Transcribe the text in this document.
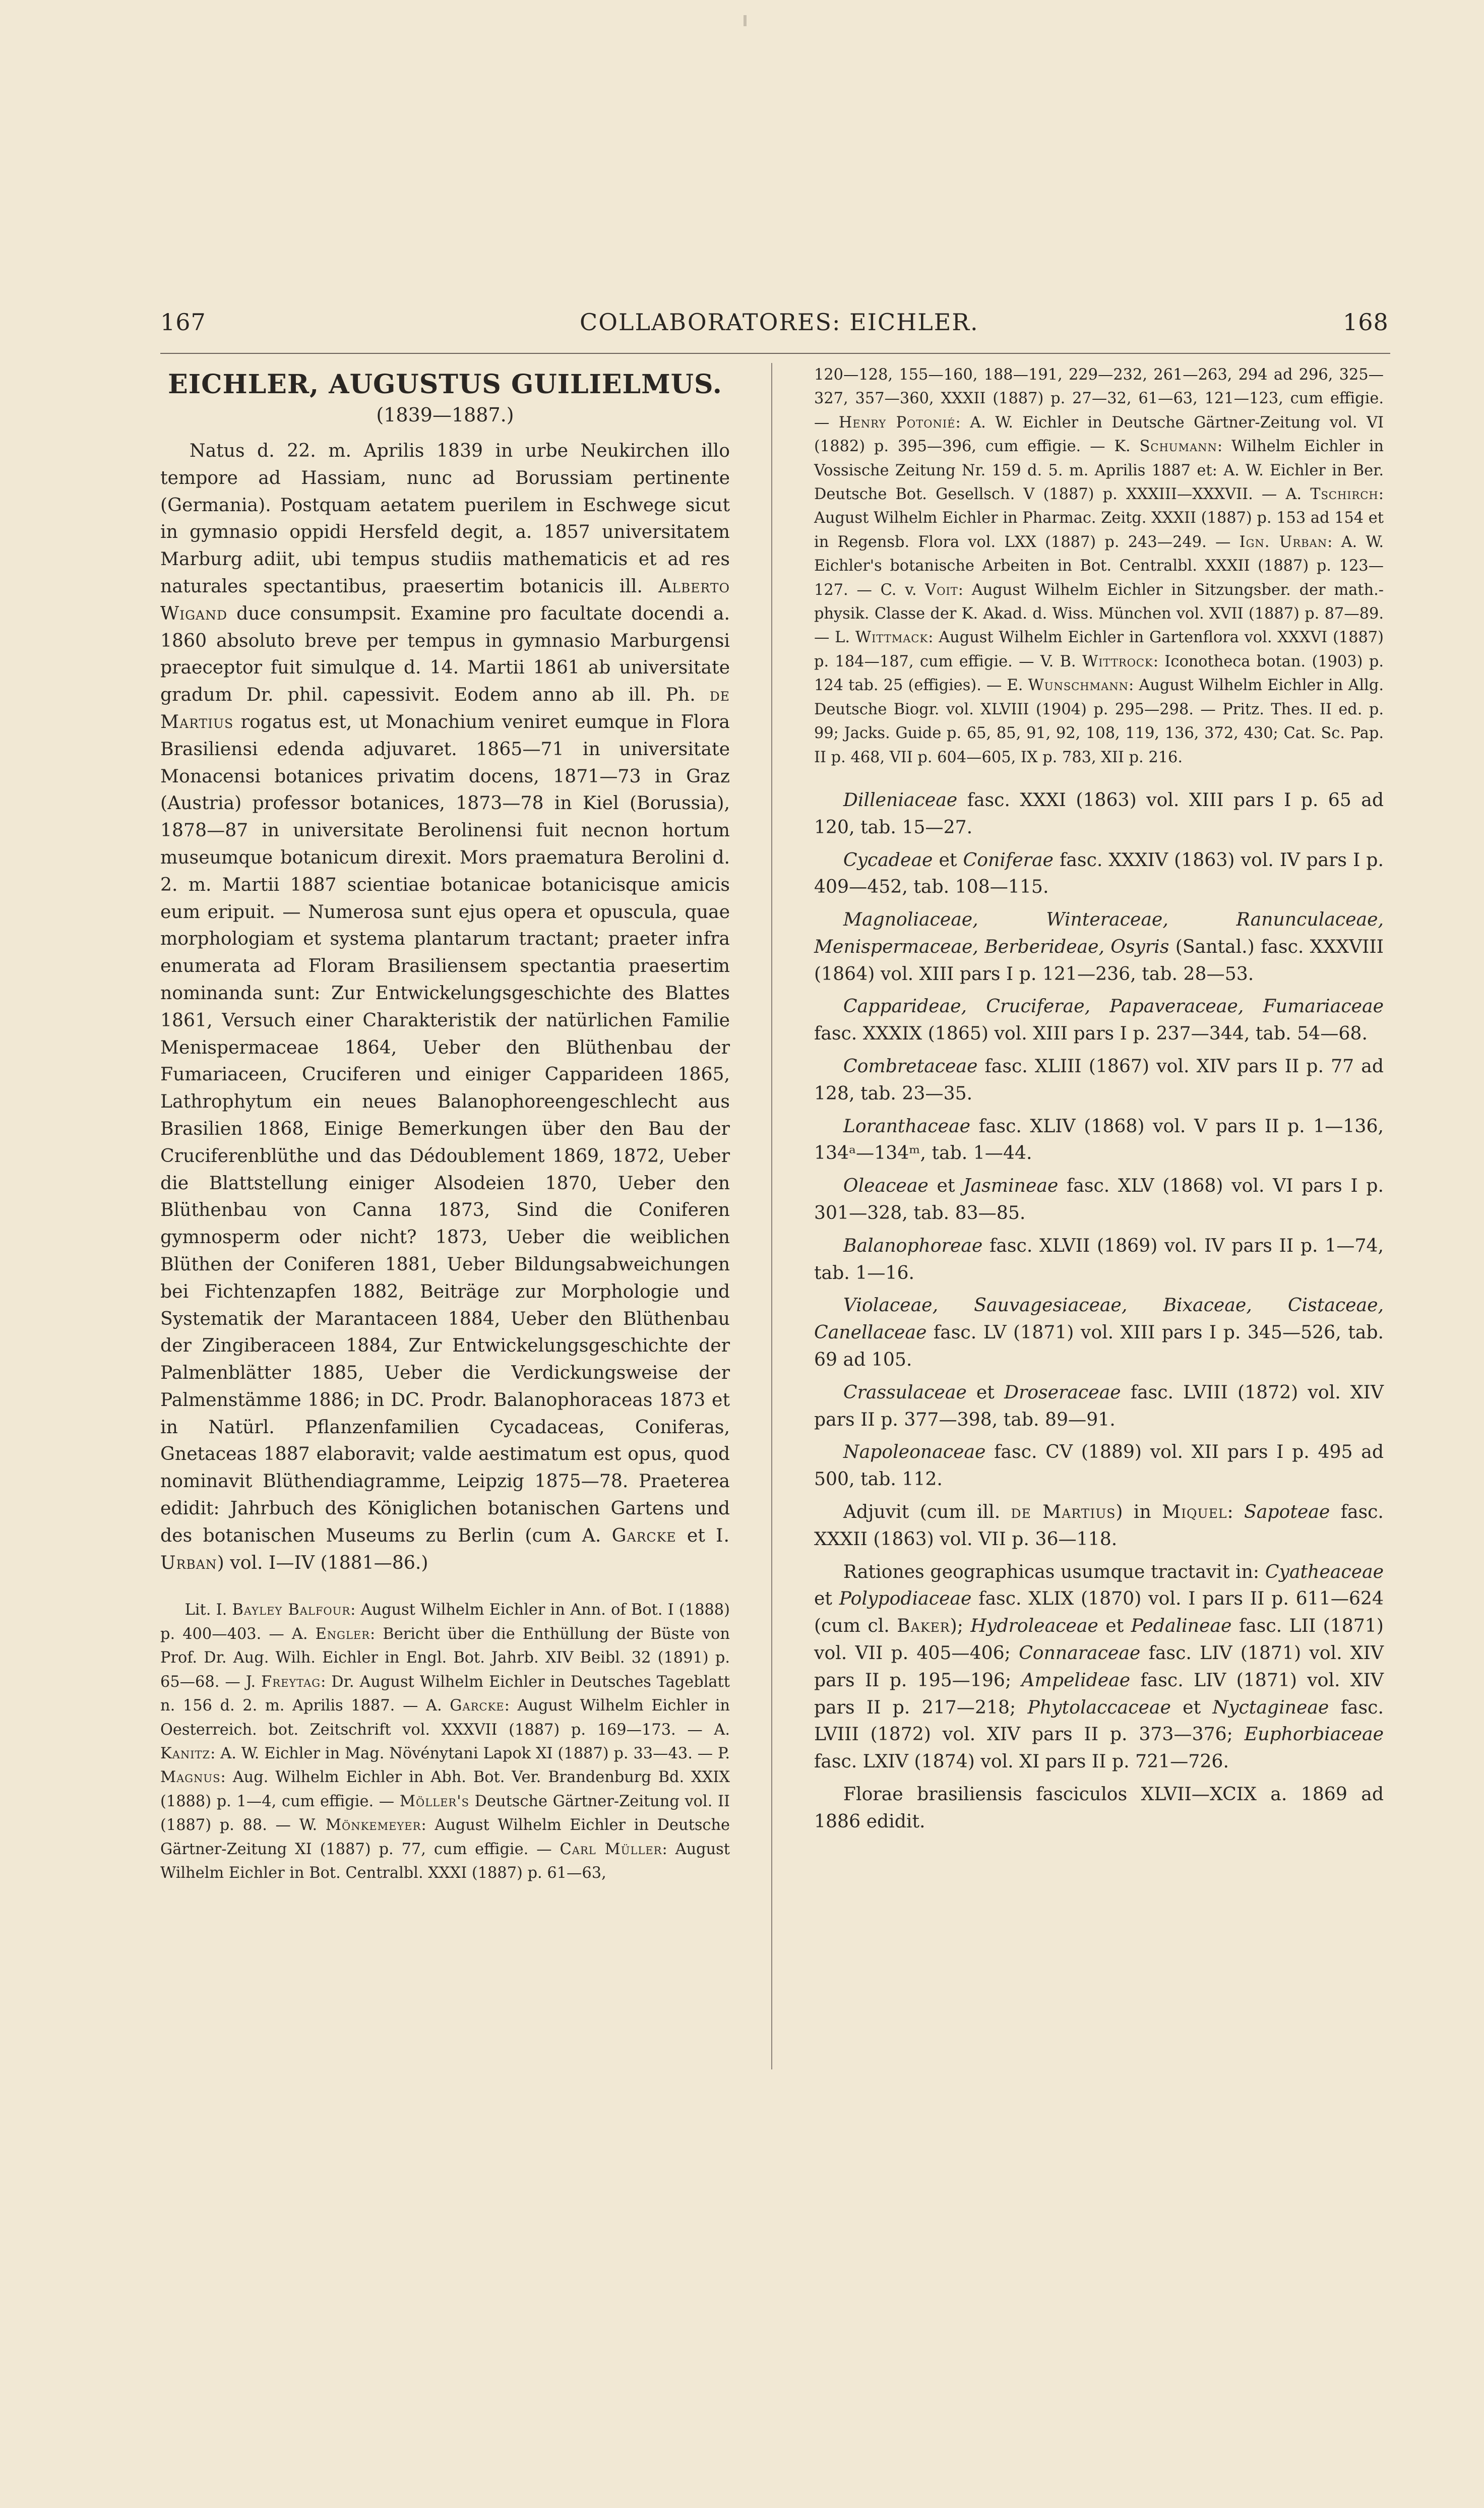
167	COLLABORATORES: EICHLER.	168
EICHLER, AUGUSTUS GUILIELMUS.
(1839—1887.)

Natus d. 22. m. Aprilis 1839 in urbe Neukirchen illo tempore ad Hassiam, nunc ad Borussiam pertinente (Germania). Postquam aetatem puerilem in Eschwege sicut in gymnasio oppidi Hersfeld degit, a. 1857 universitatem Marburg adiit, ubi tempus studiis mathematicis et ad res naturales spectantibus, praesertim botanicis ill. Alberto Wigand duce consumpsit. Examine pro facultate docendi a. 1860 absoluto breve per tempus in gymnasio Marburgensi praeceptor fuit simulque d. 14. Martii 1861 ab universitate gradum Dr. phil. capessivit. Eodem anno ab ill. Ph. de Martius rogatus est, ut Monachium veniret eumque in Flora Brasiliensi edenda adjuvaret. 1865—71 in universitate Monacensi botanices privatim docens, 1871—73 in Graz (Austria) professor botanices, 1873—78 in Kiel (Borussia), 1878—87 in universitate Berolinensi fuit necnon hortum museumque botanicum direxit. Mors praematura Berolini d. 2. m. Martii 1887 scientiae botanicae botanicisque amicis eum eripuit. — Numerosa sunt ejus opera et opuscula, quae morphologiam et systema plantarum tractant; praeter infra enumerata ad Floram Brasiliensem spectantia praesertim nominanda sunt: Zur Entwickelungsgeschichte des Blattes 1861, Versuch einer Charakteristik der natürlichen Familie Menispermaceae 1864, Ueber den Blüthenbau der Fumariaceen, Cruciferen und einiger Capparideen 1865, Lathrophytum ein neues Balanophoreengeschlecht aus Brasilien 1868, Einige Bemerkungen über den Bau der Cruciferenblüthe und das Dédoublement 1869, 1872, Ueber die Blattstellung einiger Alsodeien 1870, Ueber den Blüthenbau von Canna 1873, Sind die Coniferen gymnosperm oder nicht? 1873, Ueber die weiblichen Blüthen der Coniferen 1881, Ueber Bildungsabweichungen bei Fichtenzapfen 1882, Beiträge zur Morphologie und Systematik der Marantaceen 1884, Ueber den Blüthenbau der Zingiberaceen 1884, Zur Entwickelungsgeschichte der Palmenblätter 1885, Ueber die Verdickungsweise der Palmenstämme 1886; in DC. Prodr. Balanophoraceas 1873 et in Natürl. Pflanzenfamilien Cycadaceas, Coniferas, Gnetaceas 1887 elaboravit; valde aestimatum est opus, quod nominavit Blüthendiagramme, Leipzig 1875—78. Praeterea edidit: Jahrbuch des Königlichen botanischen Gartens und des botanischen Museums zu Berlin (cum A. Garcke et I. Urban) vol. I—IV (1881—86.)

Lit. I. Bayley Balfour: August Wilhelm Eichler in Ann. of Bot. I (1888) p. 400—403. — A. Engler: Bericht über die Enthüllung der Büste von Prof. Dr. Aug. Wilh. Eichler in Engl. Bot. Jahrb. XIV Beibl. 32 (1891) p. 65—68. — J. Freytag: Dr. August Wilhelm Eichler in Deutsches Tageblatt n. 156 d. 2. m. Aprilis 1887. — A. Garcke: August Wilhelm Eichler in Oesterreich. bot. Zeitschrift vol. XXXVII (1887) p. 169—173. — A. Kanitz: A. W. Eichler in Mag. Növénytani Lapok XI (1887) p. 33—43. — P. Magnus: Aug. Wilhelm Eichler in Abh. Bot. Ver. Brandenburg Bd. XXIX (1888) p. 1—4, cum effigie. — Möller's Deutsche Gärtner-Zeitung vol. II (1887) p. 88. — W. Mönkemeyer: August Wilhelm Eichler in Deutsche Gärtner-Zeitung XI (1887) p. 77, cum effigie. — Carl Müller: August Wilhelm Eichler in Bot. Centralbl. XXXI (1887) p. 61—63,

120—128, 155—160, 188—191, 229—232, 261—263, 294 ad 296, 325—327, 357—360, XXXII (1887) p. 27—32, 61—63, 121—123, cum effigie. — Henry Potonié: A. W. Eichler in Deutsche Gärtner-Zeitung vol. VI (1882) p. 395—396, cum effigie. — K. Schumann: Wilhelm Eichler in Vossische Zeitung Nr. 159 d. 5. m. Aprilis 1887 et: A. W. Eichler in Ber. Deutsche Bot. Gesellsch. V (1887) p. XXXIII—XXXVII. — A. Tschirch: August Wilhelm Eichler in Pharmac. Zeitg. XXXII (1887) p. 153 ad 154 et in Regensb. Flora vol. LXX (1887) p. 243—249. — Ign. Urban: A. W. Eichler's botanische Arbeiten in Bot. Centralbl. XXXII (1887) p. 123—127. — C. v. Voit: August Wilhelm Eichler in Sitzungsber. der math.-physik. Classe der K. Akad. d. Wiss. München vol. XVII (1887) p. 87—89. — L. Wittmack: August Wilhelm Eichler in Gartenflora vol. XXXVI (1887) p. 184—187, cum effigie. — V. B. Wittrock: Iconotheca botan. (1903) p. 124 tab. 25 (effigies). — E. Wunschmann: August Wilhelm Eichler in Allg. Deutsche Biogr. vol. XLVIII (1904) p. 295—298. — Pritz. Thes. II ed. p. 99; Jacks. Guide p. 65, 85, 91, 92, 108, 119, 136, 372, 430; Cat. Sc. Pap. II p. 468, VII p. 604—605, IX p. 783, XII p. 216.

Dilleniaceae fasc. XXXI (1863) vol. XIII pars I p. 65 ad 120, tab. 15—27.

Cycadeae et Coniferae fasc. XXXIV (1863) vol. IV pars I p. 409—452, tab. 108—115.

Magnoliaceae, Winteraceae, Ranunculaceae, Menispermaceae, Berberideae, Osyris (Santal.) fasc. XXXVIII (1864) vol. XIII pars I p. 121—236, tab. 28—53.

Capparideae, Cruciferae, Papaveraceae, Fumariaceae fasc. XXXIX (1865) vol. XIII pars I p. 237—344, tab. 54—68.

Combretaceae fasc. XLIII (1867) vol. XIV pars II p. 77 ad 128, tab. 23—35.

Loranthaceae fasc. XLIV (1868) vol. V pars II p. 1—136, 134ᵃ—134ᵐ, tab. 1—44.

Oleaceae et Jasmineae fasc. XLV (1868) vol. VI pars I p. 301—328, tab. 83—85.

Balanophoreae fasc. XLVII (1869) vol. IV pars II p. 1—74, tab. 1—16.

Violaceae, Sauvagesiaceae, Bixaceae, Cistaceae, Canellaceae fasc. LV (1871) vol. XIII pars I p. 345—526, tab. 69 ad 105.

Crassulaceae et Droseraceae fasc. LVIII (1872) vol. XIV pars II p. 377—398, tab. 89—91.

Napoleonaceae fasc. CV (1889) vol. XII pars I p. 495 ad 500, tab. 112.

Adjuvit (cum ill. de Martius) in Miquel: Sapoteae fasc. XXXII (1863) vol. VII p. 36—118.

Rationes geographicas usumque tractavit in: Cyatheaceae et Polypodiaceae fasc. XLIX (1870) vol. I pars II p. 611—624 (cum cl. Baker); Hydroleaceae et Pedalineae fasc. LII (1871) vol. VII p. 405—406; Connaraceae fasc. LIV (1871) vol. XIV pars II p. 195—196; Ampelideae fasc. LIV (1871) vol. XIV pars II p. 217—218; Phytolaccaceae et Nyctagineae fasc. LVIII (1872) vol. XIV pars II p. 373—376; Euphorbiaceae fasc. LXIV (1874) vol. XI pars II p. 721—726.

Florae brasiliensis fasciculos XLVII—XCIX a. 1869 ad 1886 edidit.
